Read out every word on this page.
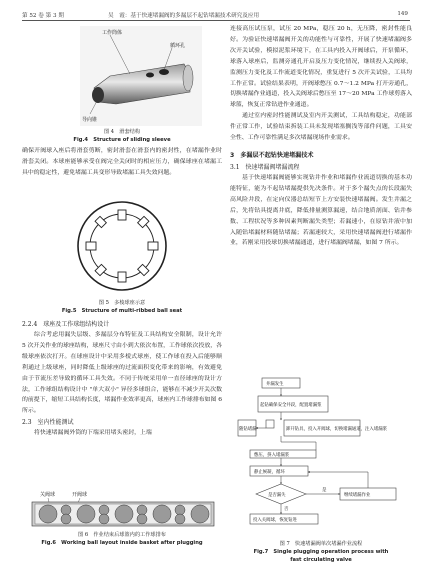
第 52 卷 第 3 期	吴　霞：基于快速堵漏阀的多漏层不起钻堵漏技术研究及应用	149
工作筒体
循环孔
导向锥
图 4　滑套结构
Fig.4　Structure of sliding sleeve

确保开阀球入座后将滑套剪断，密封滑套在滑套内的密封性，在堵漏作业时滑套关闭。本球座能够承受在阀完全关闭时的相应压力，确保球座在堵漏工具中的稳定性，避免堵漏工具变形导致堵漏工具失效问题。

图 5　多棱球座示意
Fig.5　Structure of multi-ribbed ball seat
2.2.4　球座及工作球组结构设计

综合考虑用漏失层级、多漏层分布特征及工具结构安全限制，设计允许 5 次开关作业的球座结构，球座尺寸由小到大依次布置，工作球依次投放，各级球座依次打开。在球座设计中采用多棱式球座，使工作球在投入后能够顺利通过上级球座，同时降低上级球座的过流面积变化带来的影响，有效避免由于节流压差导致的循环工具失效。不同于传统采用单一直径球座的设计方法，工作球组结构设计中 "单大双小" 异径多球组合，能够在不减少开关次数的前提下，缩短工具结构长度，堵漏作业效率更高，球座内工作球排布如图 6 所示。

2.3　室内性能测试

将快速堵漏阀外筒的下端采用堵头密封，上端

关阀球	开阀球
图 6　作业结束后球篮内的工作球排布
Fig.6　Working ball layout inside basket after plugging

连接高压试压泵，试压 20 MPa，稳压 20 h，无压降，密封性能良好。为验证快速堵漏阀开关的功能性与可靠性，开展了快速堵漏阀多次开关试验，模拟泥浆环境下，在工具内投入开阀球后，开泵循环，球落入球座后，监测旁通孔开启及压力变化情况，继续投入关阀球，监测压力变化及工作流道变化情况，重复进行 5 次开关试验，工具均工作正常。试验结果表明，开阀球憋压 0.7～1.2 MPa 打开旁通孔，切换堵漏作业通道，投入关阀球后憋压至 17～20 MPa 工作球剪落入球篮，恢复正常钻进作业通道。

通过室内密封性能测试及室内开关测试，工具结构稳定，功能部件正常工作，试验结束拆装工具未发现堵塞搁浅等部件问题，工具安全性、工作可靠性满足多次堵漏现场作业需求。

3　多漏层不起钻快速堵漏技术
3.1　快速堵漏阀堵漏流程

基于快速堵漏阀能够实现钻井作业和堵漏作业流道切换的基本功能特征，能为不起钻堵漏提供先决条件。对于多个漏失点的长段漏失高风险井段，在定向仪器总结短节上方安装快速堵漏阀。发生井漏之后，先将钻具提离井底，降低排量测算漏速，结合地质剖面、钻井参数、工程状况等多种因素判断漏失类型；若漏速小，在原钻井液中加入随钻堵漏材料随钻堵漏；若漏速较大，采用快速堵漏阀进行堵漏作业，若刚采用投球切换堵漏通道，进行堵漏阀堵漏，如图 7 所示。

井漏发生
起钻确保安全井段，配置堵漏浆
随钻堵漏	卸开钻具，投入开阀球，切换堵漏通道，注入堵漏浆
憋压，挤入堵漏浆
静止候凝，循环
是否漏失	继续堵漏作业
投入关阀球，恢复钻进
是
否
图 7　快速堵漏阀单次堵漏作业流程
Fig.7　Single plugging operation process with
fast circulating valve
